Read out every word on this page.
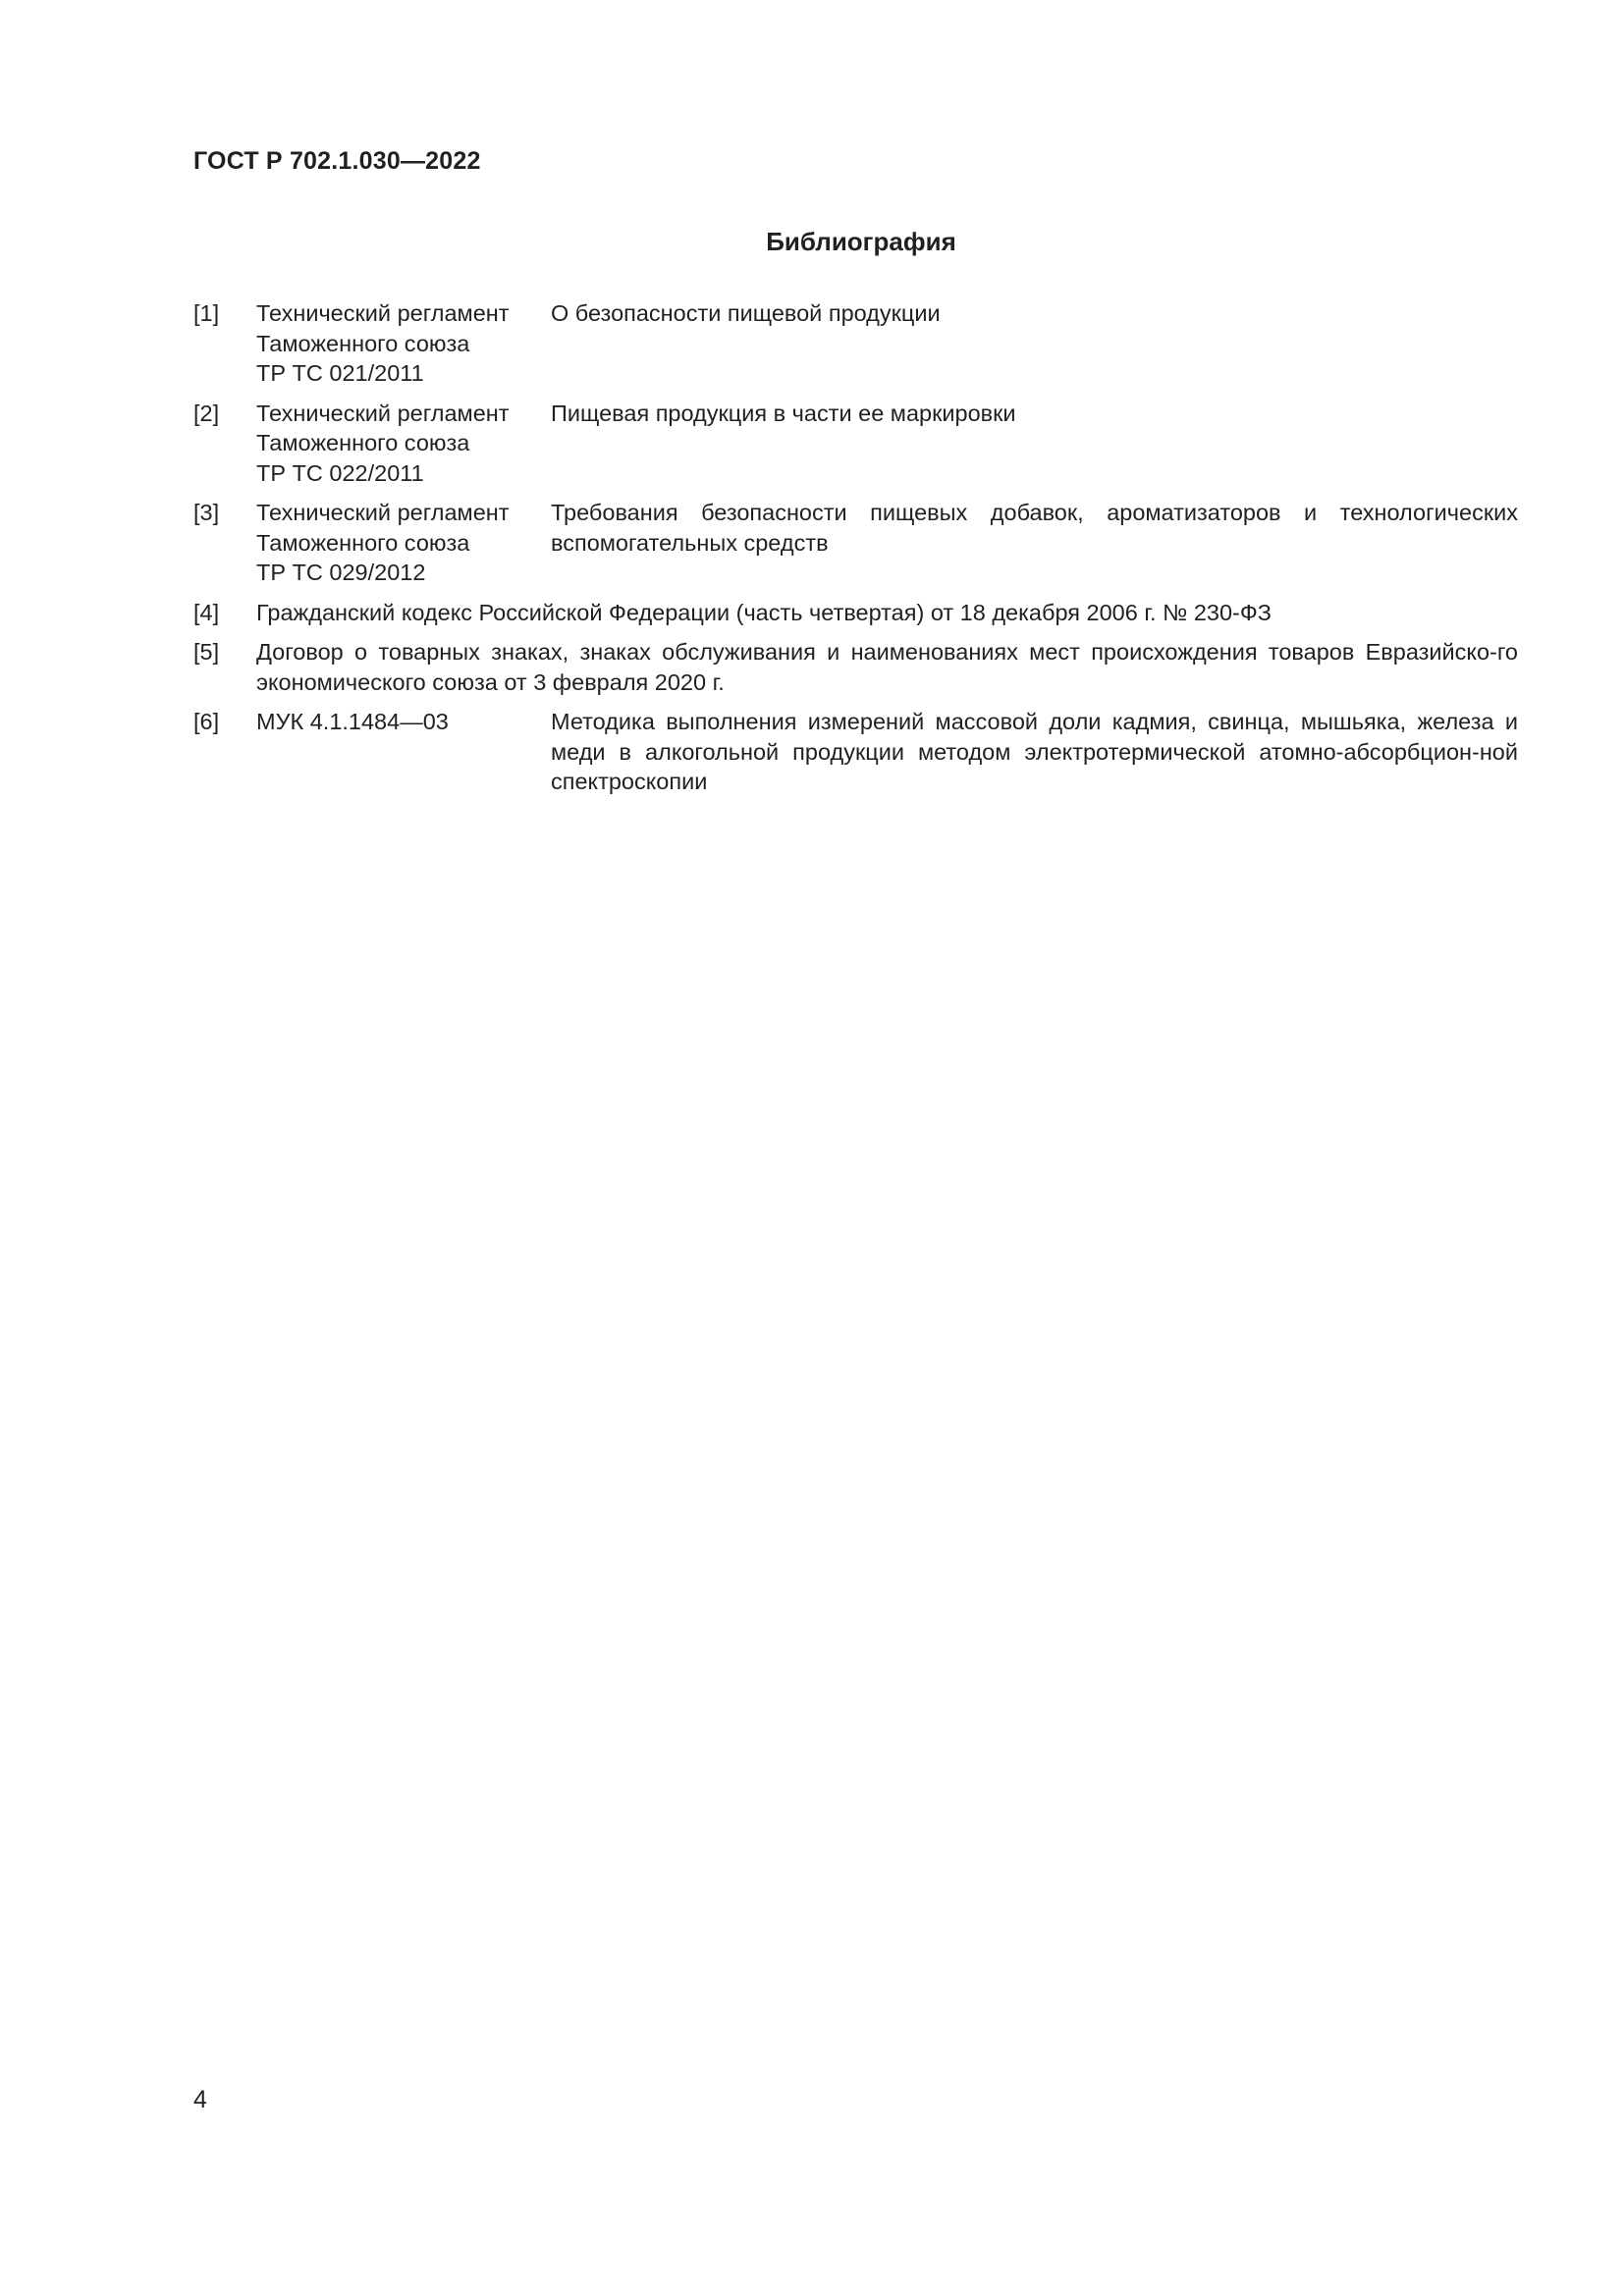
ГОСТ Р 702.1.030—2022
Библиография
[1] Технический регламент
Таможенного союза
ТР ТС 021/2011
О безопасности пищевой продукции
[2] Технический регламент
Таможенного союза
ТР ТС 022/2011
Пищевая продукция в части ее маркировки
[3] Технический регламент
Таможенного союза
ТР ТС 029/2012
Требования безопасности пищевых добавок, ароматизаторов и технологических вспомогательных средств
[4] Гражданский кодекс Российской Федерации (часть четвертая) от 18 декабря 2006 г. № 230-ФЗ
[5] Договор о товарных знаках, знаках обслуживания и наименованиях мест происхождения товаров Евразийско-го экономического союза от 3 февраля 2020 г.
[6] МУК 4.1.1484—03	Методика выполнения измерений массовой доли кадмия, свинца, мышьяка, железа и меди в алкогольной продукции методом электротермической атомно-абсорбцион-ной спектроскопии
4
